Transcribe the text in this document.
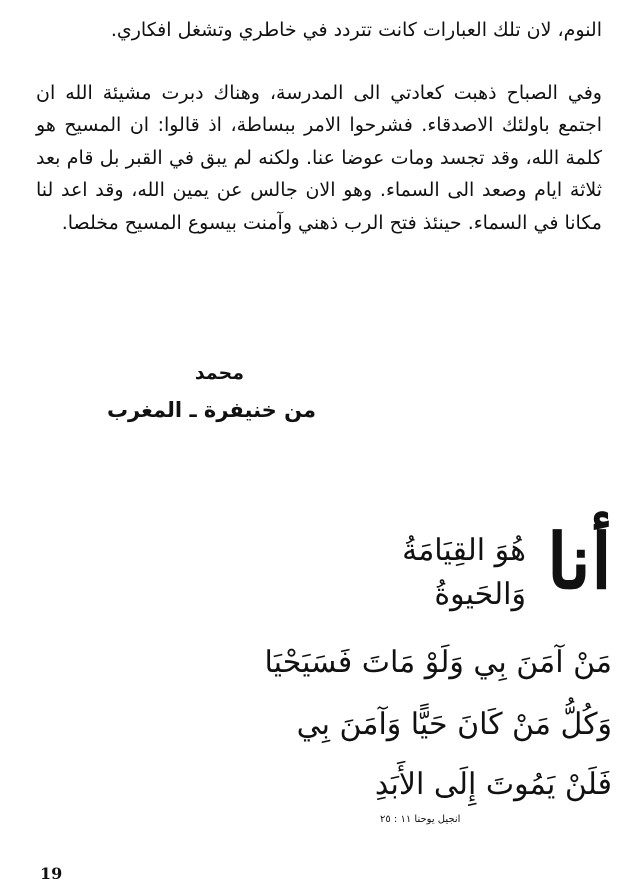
النوم، لان تلك العبارات كانت تتردد في خاطري وتشغل افكاري.

وفي الصباح ذهبت كعادتي الى المدرسة، وهناك دبرت مشيئة الله ان اجتمع باولئك الاصدقاء. فشرحوا الامر ببساطة، اذ قالوا: ان المسيح هو كلمة الله، وقد تجسد ومات عوضا عنا. ولكنه لم يبق في القبر بل قام بعد ثلاثة ايام وصعد الى السماء. وهو الان جالس عن يمين الله، وقد اعد لنا مكانا في السماء. حينئذ فتح الرب ذهني وآمنت بيسوع المسيح مخلصا.

محمد
من خنيفرة ـ المغرب
أنا
هُوَ القِيَامَةُ
وَالحَيوةُ
مَنْ آمَنَ بِي وَلَوْ مَاتَ فَسَيَحْيَا
وَكُلُّ مَنْ كَانَ حَيًّا وَآمَنَ بِي
فَلَنْ يَمُوتَ إِلَى الأَبَدِ
انجيل يوحنا ١١ : ٢٥
19
